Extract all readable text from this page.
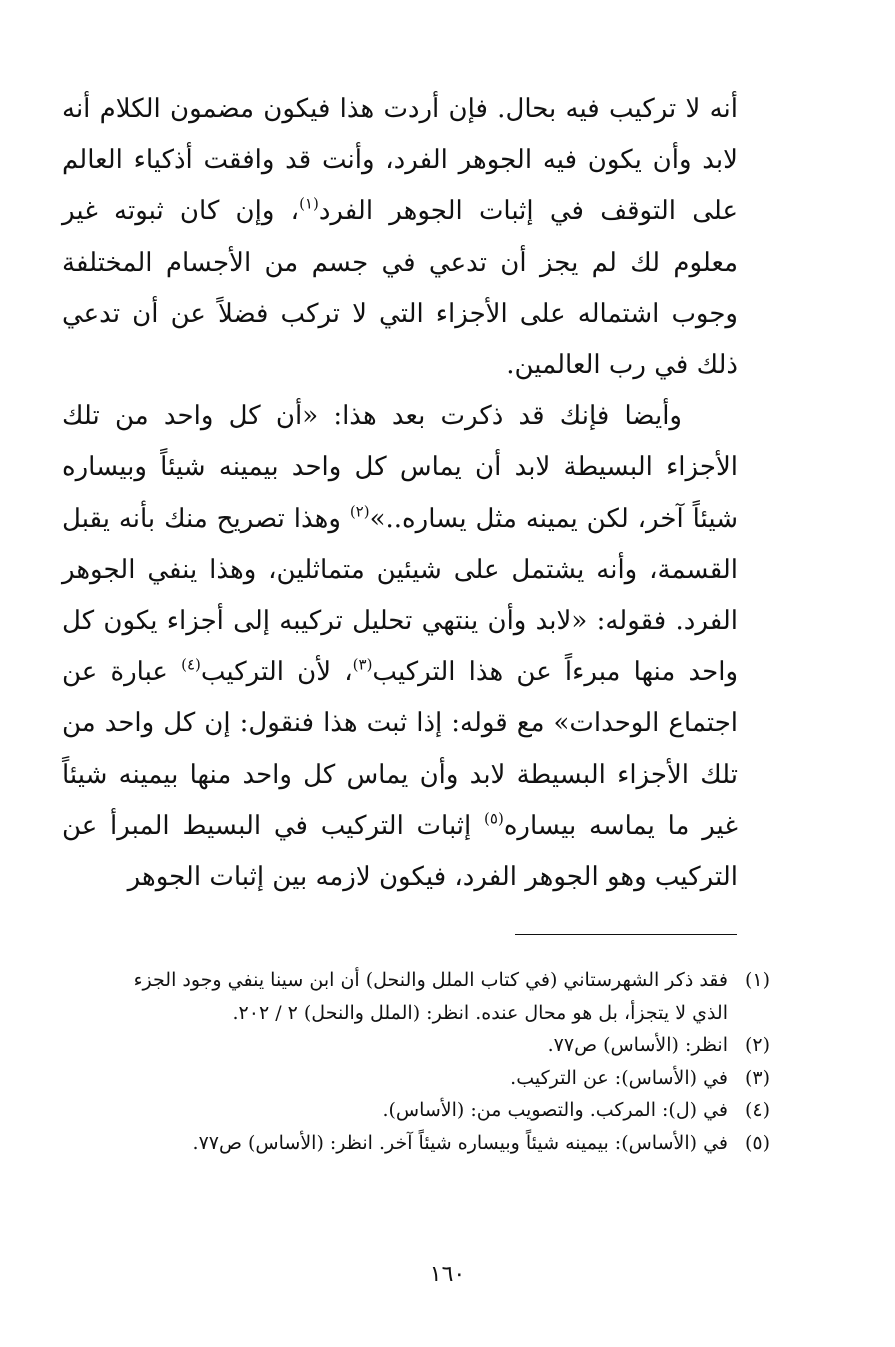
أنه لا تركيب فيه بحال. فإن أردت هذا فيكون مضمون الكلام أنه لابد وأن يكون فيه الجوهر الفرد، وأنت قد وافقت أذكياء العالم على التوقف في إثبات الجوهر الفرد$^{(١)}$، وإن كان ثبوته غير معلوم لك لم يجز أن تدعي في جسم من الأجسام المختلفة وجوب اشتماله على الأجزاء التي لا تركب فضلاً عن أن تدعي ذلك في رب العالمين.

وأيضا فإنك قد ذكرت بعد هذا: «أن كل واحد من تلك الأجزاء البسيطة لابد أن يماس كل واحد بيمينه شيئاً وبيساره شيئاً آخر، لكن يمينه مثل يساره..»$^{(٢)}$ وهذا تصريح منك بأنه يقبل القسمة، وأنه يشتمل على شيئين متماثلين، وهذا ينفي الجوهر الفرد. فقوله: «لابد وأن ينتهي تحليل تركيبه إلى أجزاء يكون كل واحد منها مبرءاً عن هذا التركيب$^{(٣)}$، لأن التركيب$^{(٤)}$ عبارة عن اجتماع الوحدات» مع قوله: إذا ثبت هذا فنقول: إن كل واحد من تلك الأجزاء البسيطة لابد وأن يماس كل واحد منها بيمينه شيئاً غير ما يماسه بيساره$^{(٥)}$ إثبات التركيب في البسيط المبرأ عن التركيب وهو الجوهر الفرد، فيكون لازمه بين إثبات الجوهر

(١)
فقد ذكر الشهرستاني (في كتاب الملل والنحل) أن ابن سينا ينفي وجود الجزء الذي لا يتجزأ، بل هو محال عنده. انظر: (الملل والنحل) ٢ / ٢٠٢.
(٢)
انظر: (الأساس) ص٧٧.
(٣)
في (الأساس): عن التركيب.
(٤)
في (ل): المركب. والتصويب من: (الأساس).
(٥)
في (الأساس): بيمينه شيئاً وبيساره شيئاً آخر. انظر: (الأساس) ص٧٧.
١٦٠
